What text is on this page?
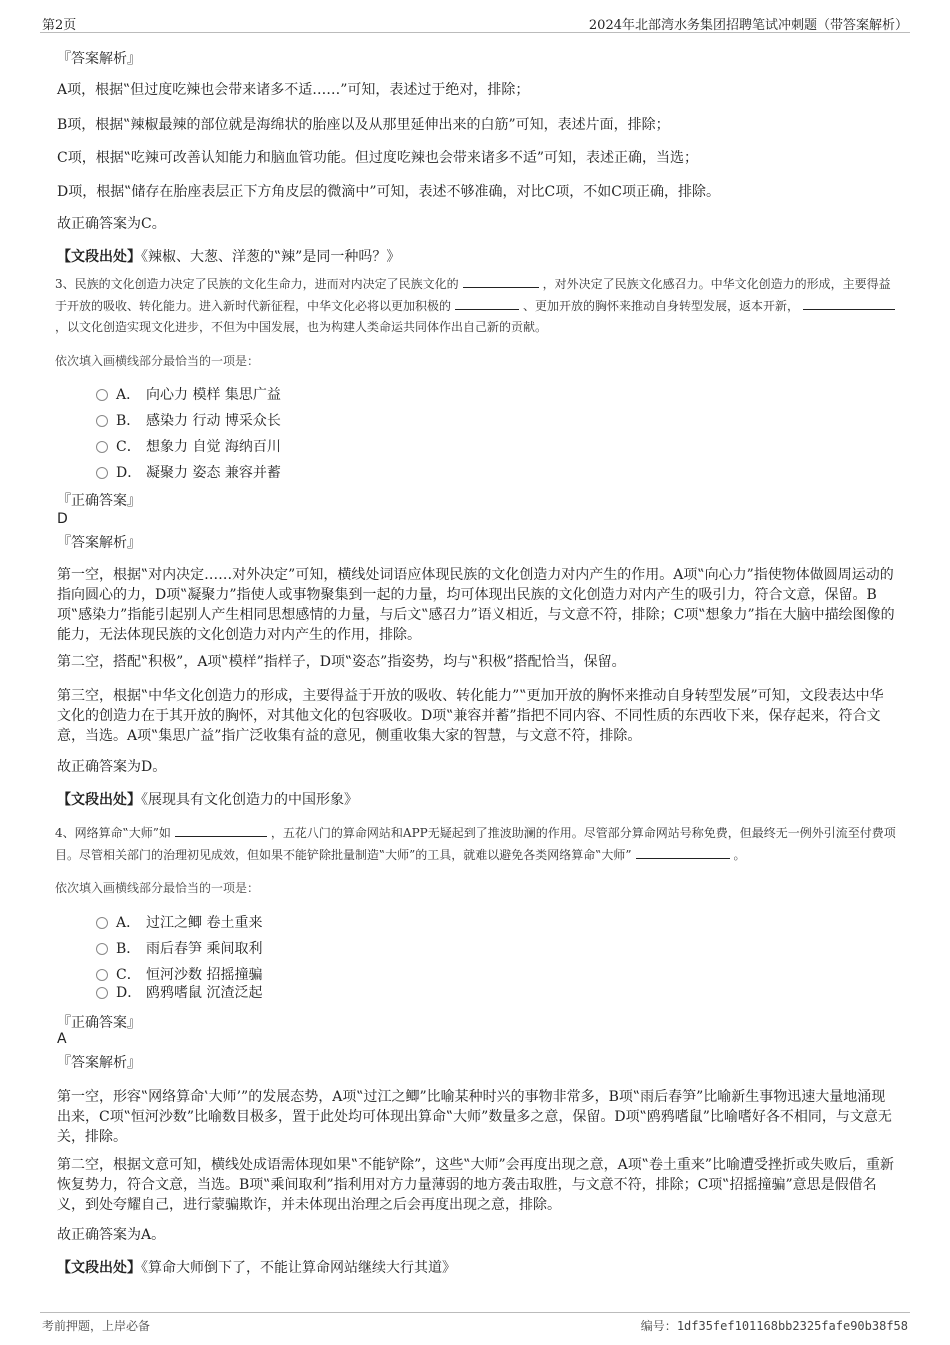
第2页	2024年北部湾水务集团招聘笔试冲刺题（带答案解析）
『答案解析』
A项，根据‟但过度吃辣也会带来诸多不适……”可知，表述过于绝对，排除；
B项，根据‟辣椒最辣的部位就是海绵状的胎座以及从那里延伸出来的白筋”可知，表述片面，排除；
C项，根据‟吃辣可改善认知能力和脑血管功能。但过度吃辣也会带来诸多不适”可知，表述正确，当选；
D项，根据‟储存在胎座表层正下方角皮层的微滴中”可知，表述不够准确，对比C项，不如C项正确，排除。
故正确答案为C。
【文段出处】《辣椒、大葱、洋葱的‟辣”是同一种吗？》
3、民族的文化创造力决定了民族的文化生命力，进而对内决定了民族文化的	，对外决定了民族文化感召力。中华文化创造力的形成，主要得益于开放的吸收、转化能力。进入新时代新征程，中华文化必将以更加积极的	、更加开放的胸怀来推动自身转型发展，返本开新，，以文化创造实现文化进步，不但为中国发展，也为构建人类命运共同体作出自己新的贡献。
依次填入画横线部分最恰当的一项是：
A． 向心力 模样 集思广益
B． 感染力 行动 博采众长
C． 想象力 自觉 海纳百川
D． 凝聚力 姿态 兼容并蓄
『正确答案』
D
『答案解析』
第一空，根据‟对内决定……对外决定”可知，横线处词语应体现民族的文化创造力对内产生的作用。A项‟向心力”指使物体做圆周运动的指向圆心的力，D项‟凝聚力”指使人或事物聚集到一起的力量，均可体现出民族的文化创造力对内产生的吸引力，符合文意，保留。B项‟感染力”指能引起别人产生相同思想感情的力量，与后文‟感召力”语义相近，与文意不符，排除；C项‟想象力”指在大脑中描绘图像的能力，无法体现民族的文化创造力对内产生的作用，排除。
第二空，搭配‟积极”，A项‟模样”指样子，D项‟姿态”指姿势，均与‟积极”搭配恰当，保留。
第三空，根据‟中华文化创造力的形成，主要得益于开放的吸收、转化能力”‟更加开放的胸怀来推动自身转型发展”可知，文段表达中华文化的创造力在于其开放的胸怀，对其他文化的包容吸收。D项‟兼容并蓄”指把不同内容、不同性质的东西收下来，保存起来，符合文意，当选。A项‟集思广益”指广泛收集有益的意见，侧重收集大家的智慧，与文意不符，排除。
故正确答案为D。
【文段出处】《展现具有文化创造力的中国形象》
4、网络算命‟大师”如	，五花八门的算命网站和APP无疑起到了推波助澜的作用。尽管部分算命网站号称免费，但最终无一例外引流至付费项目。尽管相关部门的治理初见成效，但如果不能铲除批量制造‟大师”的工具，就难以避免各类网络算命‟大师”	。
依次填入画横线部分最恰当的一项是：
A． 过江之鲫 卷土重来
B． 雨后春笋 乘间取利
C． 恒河沙数 招摇撞骗
D． 鸥鸦嗜鼠 沉渣泛起
『正确答案』
A
『答案解析』
第一空，形容‟网络算命‛大师’”的发展态势，A项‟过江之鲫”比喻某种时兴的事物非常多，B项‟雨后春笋”比喻新生事物迅速大量地涌现出来，C项‟恒河沙数”比喻数目极多，置于此处均可体现出算命‟大师”数量多之意，保留。D项‟鸥鸦嗜鼠”比喻嗜好各不相同，与文意无关，排除。
第二空，根据文意可知，横线处成语需体现如果‟不能铲除”，这些‟大师”会再度出现之意，A项‟卷土重来”比喻遭受挫折或失败后，重新恢复势力，符合文意，当选。B项‟乘间取利”指利用对方力量薄弱的地方袭击取胜，与文意不符，排除；C项‟招摇撞骗”意思是假借名义，到处夸耀自己，进行蒙骗欺诈，并未体现出治理之后会再度出现之意，排除。
故正确答案为A。
【文段出处】《算命大师倒下了，不能让算命网站继续大行其道》
考前押题，上岸必备	编号：1df35fef101168bb2325fafe90b38f58
